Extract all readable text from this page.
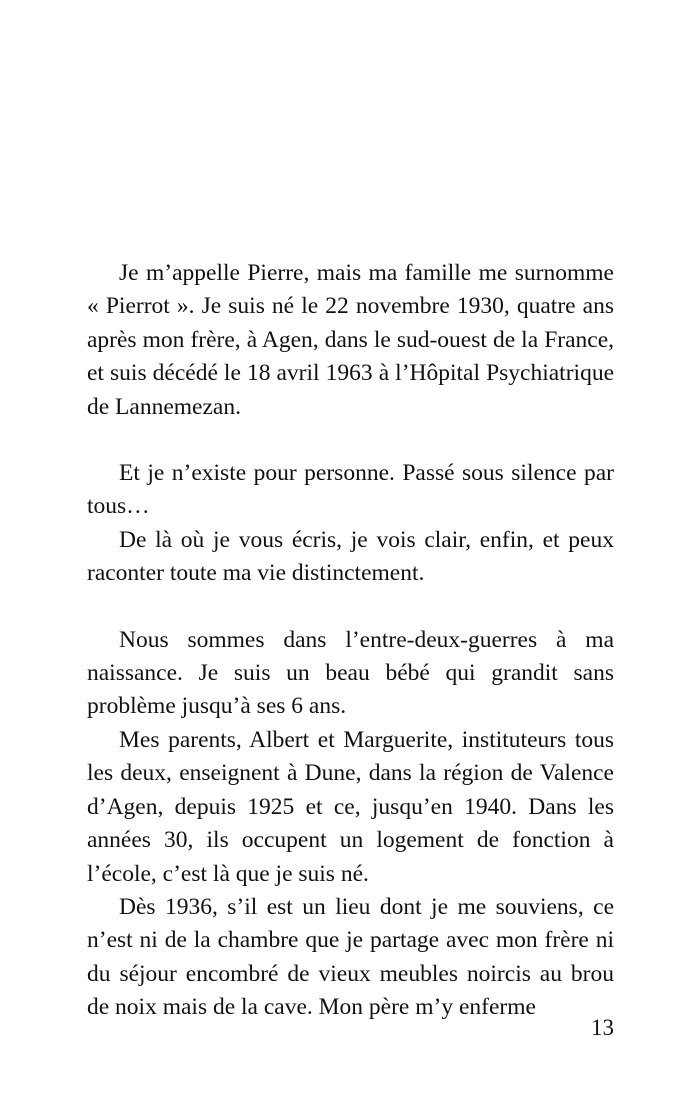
Je m’appelle Pierre, mais ma famille me surnomme « Pierrot ». Je suis né le 22 novembre 1930, quatre ans après mon frère, à Agen, dans le sud-ouest de la France, et suis décédé le 18 avril 1963 à l’Hôpital Psychiatrique de Lannemezan.

Et je n’existe pour personne. Passé sous silence par tous…

De là où je vous écris, je vois clair, enfin, et peux raconter toute ma vie distinctement.

Nous sommes dans l’entre-deux-guerres à ma naissance. Je suis un beau bébé qui grandit sans problème jusqu’à ses 6 ans.

Mes parents, Albert et Marguerite, instituteurs tous les deux, enseignent à Dune, dans la région de Valence d’Agen, depuis 1925 et ce, jusqu’en 1940. Dans les années 30, ils occupent un logement de fonction à l’école, c’est là que je suis né.

Dès 1936, s’il est un lieu dont je me souviens, ce n’est ni de la chambre que je partage avec mon frère ni du séjour encombré de vieux meubles noircis au brou de noix mais de la cave. Mon père m’y enferme

13
